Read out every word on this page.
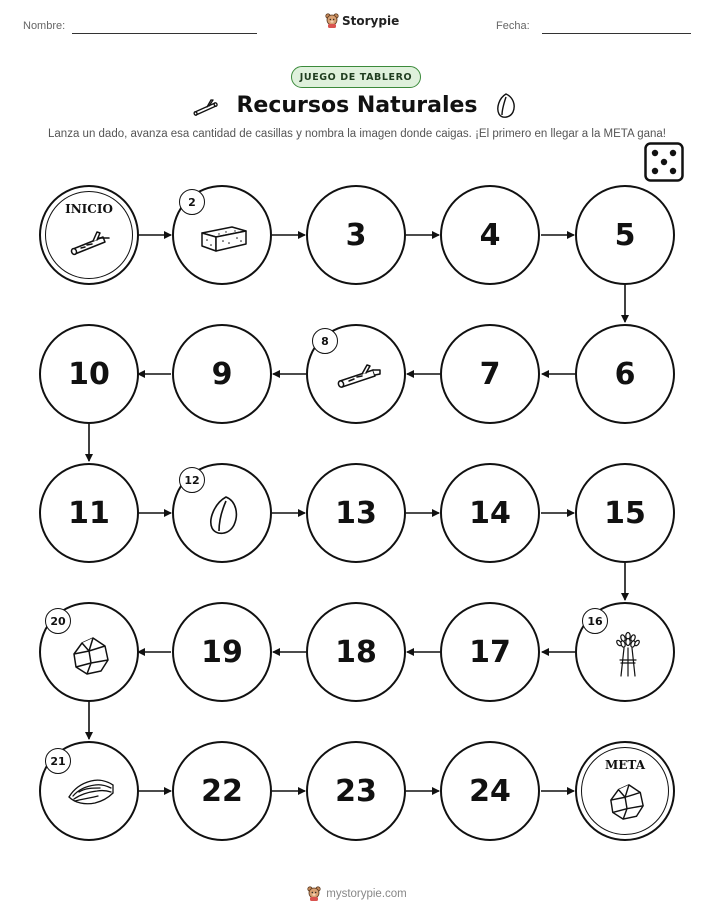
Nombre:	Storypie	Fecha:
JUEGO DE TABLERO
Recursos Naturales
Lanza un dado, avanza esa cantidad de casillas y nombra la imagen donde caigas. ¡El primero en llegar a la META gana!
INICIO	2
3	4	5
6
7
8
9
10
11
12
13	14	15
16
17
18
19
20
21
22	23	24
META
mystorypie.com
